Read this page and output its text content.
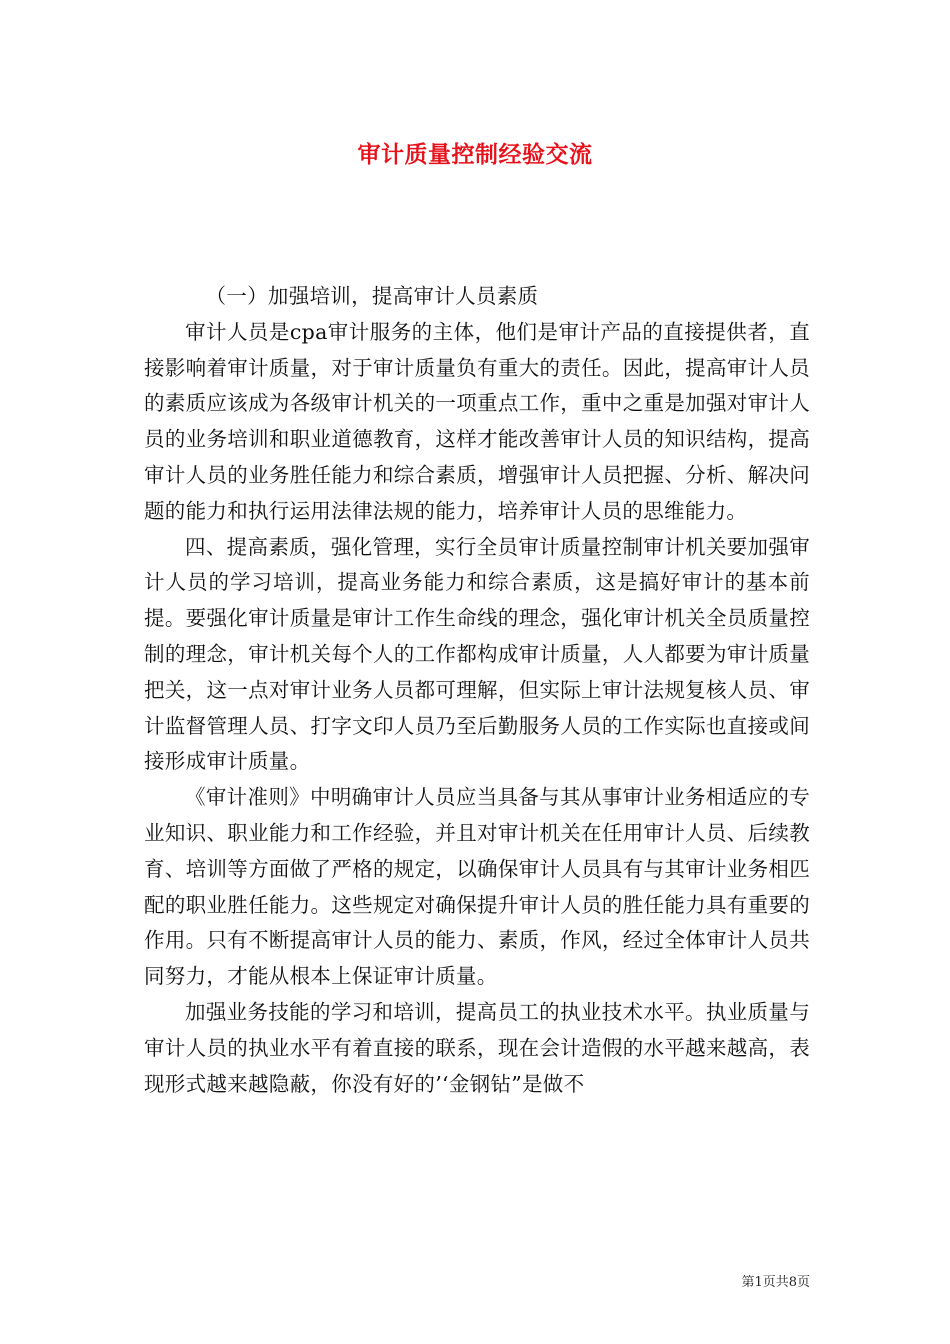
审计质量控制经验交流

（一）加强培训，提高审计人员素质

审计人员是cpa审计服务的主体，他们是审计产品的直接提供者，直接影响着审计质量，对于审计质量负有重大的责任。因此，提高审计人员的素质应该成为各级审计机关的一项重点工作，重中之重是加强对审计人员的业务培训和职业道德教育，这样才能改善审计人员的知识结构，提高审计人员的业务胜任能力和综合素质，增强审计人员把握、分析、解决问题的能力和执行运用法律法规的能力，培养审计人员的思维能力。

四、提高素质，强化管理，实行全员审计质量控制审计机关要加强审计人员的学习培训，提高业务能力和综合素质，这是搞好审计的基本前提。要强化审计质量是审计工作生命线的理念，强化审计机关全员质量控制的理念，审计机关每个人的工作都构成审计质量，人人都要为审计质量把关，这一点对审计业务人员都可理解，但实际上审计法规复核人员、审计监督管理人员、打字文印人员乃至后勤服务人员的工作实际也直接或间接形成审计质量。

《审计准则》中明确审计人员应当具备与其从事审计业务相适应的专业知识、职业能力和工作经验，并且对审计机关在任用审计人员、后续教育、培训等方面做了严格的规定，以确保审计人员具有与其审计业务相匹配的职业胜任能力。这些规定对确保提升审计人员的胜任能力具有重要的作用。只有不断提高审计人员的能力、素质，作风，经过全体审计人员共同努力，才能从根本上保证审计质量。

加强业务技能的学习和培训，提高员工的执业技术水平。执业质量与审计人员的执业水平有着直接的联系，现在会计造假的水平越来越高，表现形式越来越隐蔽，你没有好的’‘金钢钻”是做不

第1页共8页
